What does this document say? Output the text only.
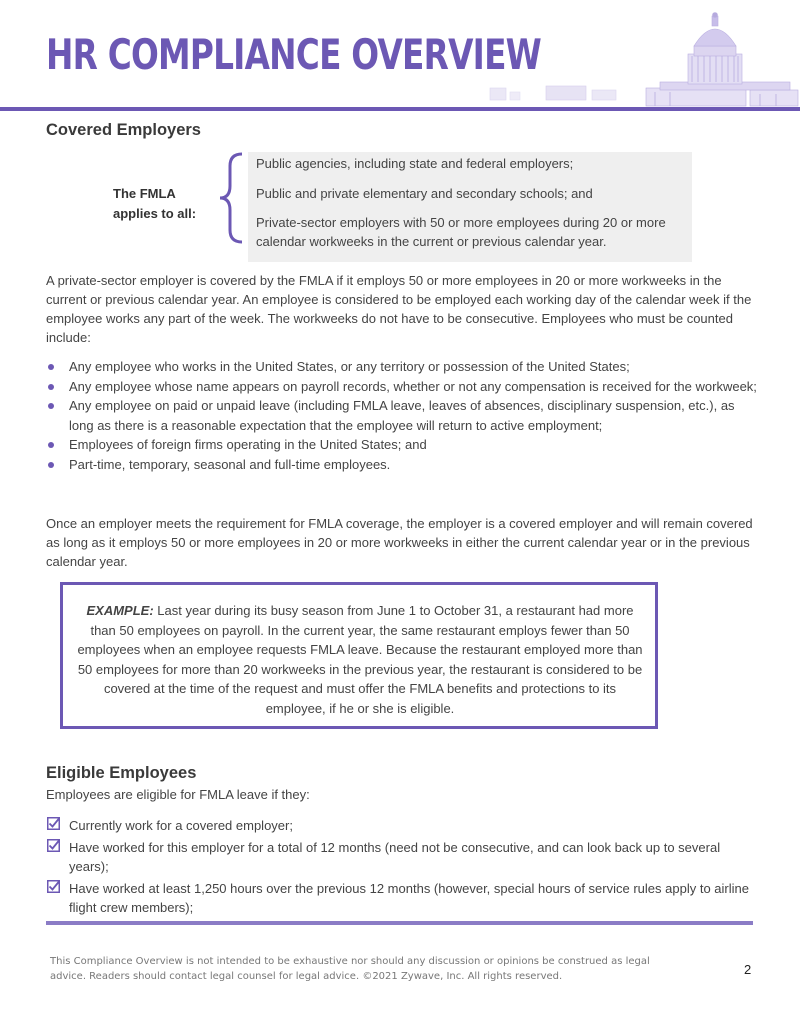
HR COMPLIANCE OVERVIEW
Covered Employers
The FMLA applies to all:
Public agencies, including state and federal employers;
Public and private elementary and secondary schools; and
Private-sector employers with 50 or more employees during 20 or more calendar workweeks in the current or previous calendar year.
A private-sector employer is covered by the FMLA if it employs 50 or more employees in 20 or more workweeks in the current or previous calendar year. An employee is considered to be employed each working day of the calendar week if the employee works any part of the week. The workweeks do not have to be consecutive. Employees who must be counted include:
Any employee who works in the United States, or any territory or possession of the United States;
Any employee whose name appears on payroll records, whether or not any compensation is received for the workweek;
Any employee on paid or unpaid leave (including FMLA leave, leaves of absences, disciplinary suspension, etc.), as long as there is a reasonable expectation that the employee will return to active employment;
Employees of foreign firms operating in the United States; and
Part-time, temporary, seasonal and full-time employees.
Once an employer meets the requirement for FMLA coverage, the employer is a covered employer and will remain covered as long as it employs 50 or more employees in 20 or more workweeks in either the current calendar year or in the previous calendar year.
EXAMPLE: Last year during its busy season from June 1 to October 31, a restaurant had more than 50 employees on payroll. In the current year, the same restaurant employs fewer than 50 employees when an employee requests FMLA leave. Because the restaurant employed more than 50 employees for more than 20 workweeks in the previous year, the restaurant is considered to be covered at the time of the request and must offer the FMLA benefits and protections to its employee, if he or she is eligible.
Eligible Employees
Employees are eligible for FMLA leave if they:
Currently work for a covered employer;
Have worked for this employer for a total of 12 months (need not be consecutive, and can look back up to several years);
Have worked at least 1,250 hours over the previous 12 months (however, special hours of service rules apply to airline flight crew members);
This Compliance Overview is not intended to be exhaustive nor should any discussion or opinions be construed as legal advice. Readers should contact legal counsel for legal advice. ©2021 Zywave, Inc. All rights reserved.	2
